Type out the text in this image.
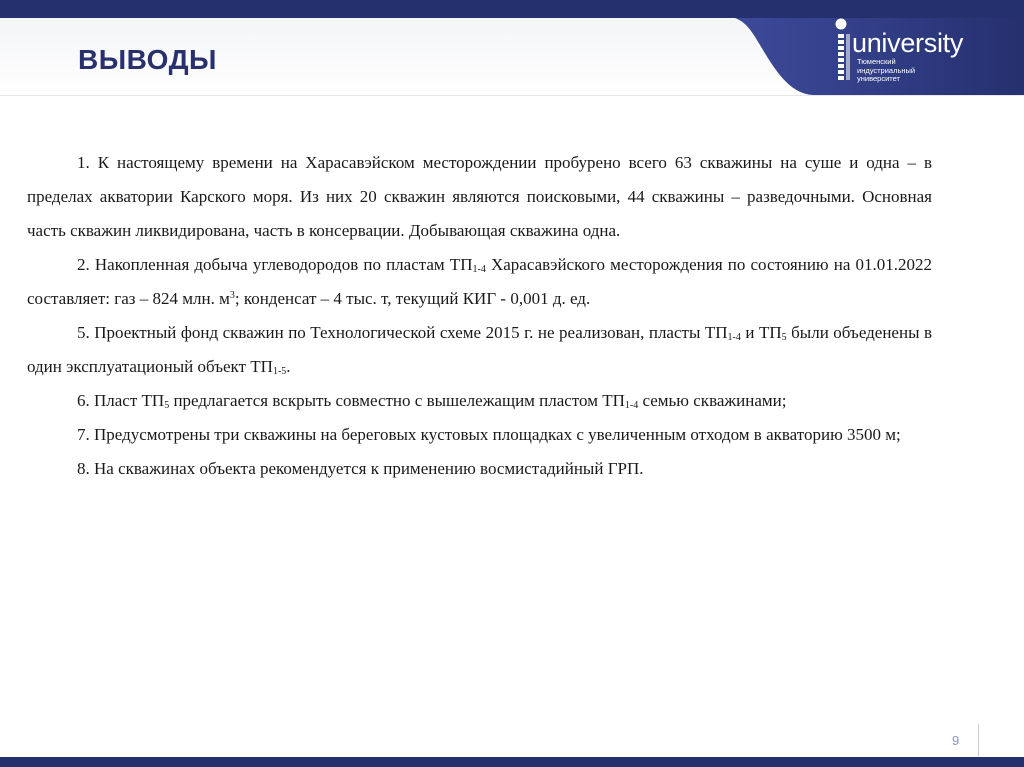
university
Тюменский
индустриальный
университет
ВЫВОДЫ

1. К настоящему времени на Харасавэйском месторождении пробурено всего 63 скважины на суше и одна – в пределах акватории Карского моря. Из них 20 скважин являются поисковыми, 44 скважины – разведочными. Основная часть скважин ликвидирована, часть в консервации. Добывающая скважина одна.

2. Накопленная добыча углеводородов по пластам $ТП_{1-4}$ Харасавэйского месторождения по состоянию на 01.01.2022 составляет: газ – 824 млн. $м^3$; конденсат – 4 тыс. т, текущий КИГ - 0,001 д. ед.

5. Проектный фонд скважин по Технологической схеме 2015 г. не реализован, пласты $ТП_{1-4}$ и $ТП_5$ были объеденены в один эксплуатационый объект $ТП_{1-5}$.

6. Пласт $ТП_5$ предлагается вскрыть совместно с вышележащим пластом $ТП_{1-4}$ семью скважинами;

7. Предусмотрены три скважины на береговых кустовых площадках с увеличенным отходом в акваторию 3500 м;

8. На скважинах объекта рекомендуется к применению восмистадийный ГРП.

9
